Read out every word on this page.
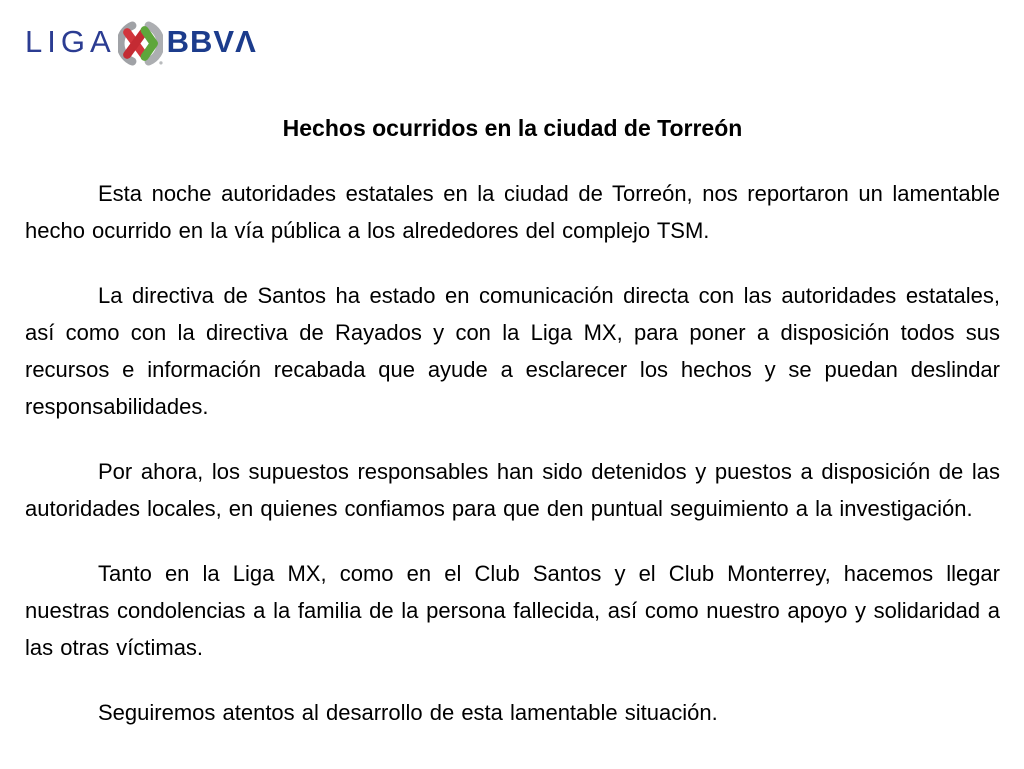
LIGA BBVΛ
Hechos ocurridos en la ciudad de Torreón

Esta noche autoridades estatales en la ciudad de Torreón, nos reportaron un lamentable hecho ocurrido en la vía pública a los alrededores del complejo TSM.

La directiva de Santos ha estado en comunicación directa con las autoridades estatales, así como con la directiva de Rayados y con la Liga MX, para poner a disposición todos sus recursos e información recabada que ayude a esclarecer los hechos y se puedan deslindar responsabilidades.

Por ahora, los supuestos responsables han sido detenidos y puestos a disposición de las autoridades locales, en quienes confiamos para que den puntual seguimiento a la investigación.

Tanto en la Liga MX, como en el Club Santos y el Club Monterrey, hacemos llegar nuestras condolencias a la familia de la persona fallecida, así como nuestro apoyo y solidaridad a las otras víctimas.

Seguiremos atentos al desarrollo de esta lamentable situación.
